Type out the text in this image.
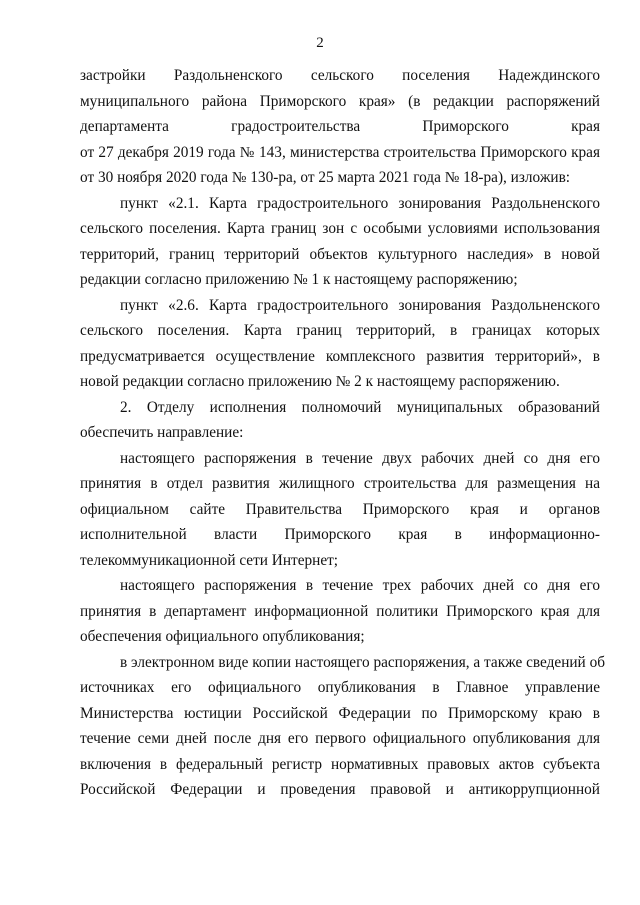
2
застройки Раздольненского сельского поселения Надеждинского
муниципального района Приморского края» (в редакции распоряжений
департамента градостроительства Приморского края
от 27 декабря 2019 года № 143, министерства строительства Приморского края
от 30 ноября 2020 года № 130-ра, от 25 марта 2021 года № 18-ра), изложив:
пункт «2.1. Карта градостроительного зонирования Раздольненского
сельского поселения. Карта границ зон с особыми условиями использования
территорий, границ территорий объектов культурного наследия» в новой
редакции согласно приложению № 1 к настоящему распоряжению;
пункт «2.6. Карта градостроительного зонирования Раздольненского
сельского поселения. Карта границ территорий, в границах которых
предусматривается осуществление комплексного развития территорий», в
новой редакции согласно приложению № 2 к настоящему распоряжению.
2. Отделу исполнения полномочий муниципальных образований
обеспечить направление:
настоящего распоряжения в течение двух рабочих дней со дня его
принятия в отдел развития жилищного строительства для размещения на
официальном сайте Правительства Приморского края и органов
исполнительной власти Приморского края в информационно-
телекоммуникационной сети Интернет;
настоящего распоряжения в течение трех рабочих дней со дня его
принятия в департамент информационной политики Приморского края для
обеспечения официального опубликования;
в электронном виде копии настоящего распоряжения, а также сведений об
источниках его официального опубликования в Главное управление
Министерства юстиции Российской Федерации по Приморскому краю в
течение семи дней после дня его первого официального опубликования для
включения в федеральный регистр нормативных правовых актов субъекта
Российской Федерации и проведения правовой и антикоррупционной
